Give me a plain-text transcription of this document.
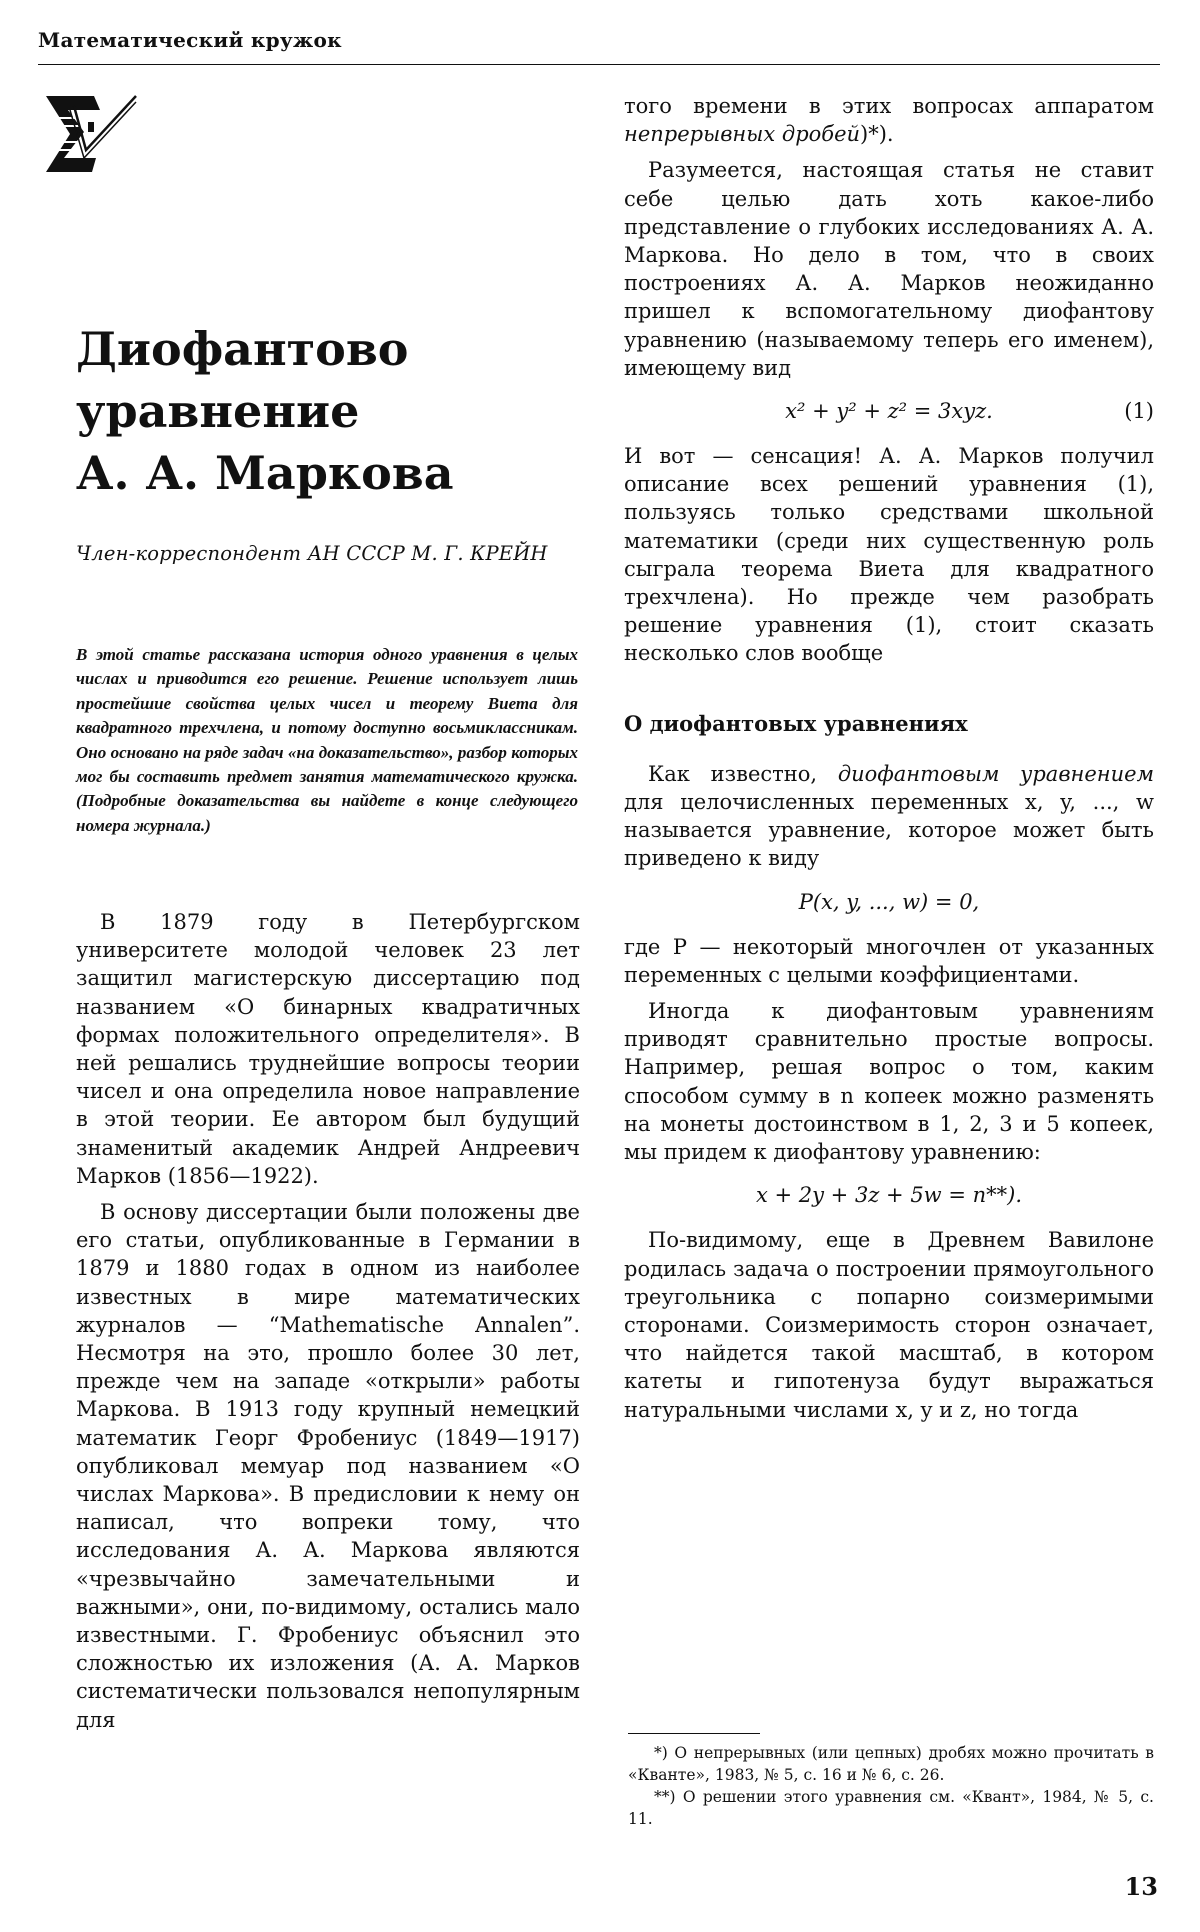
Математический кружок
Диофантово
уравнение
А. А. Маркова
Член-корреспондент АН СССР М. Г. КРЕЙН
В этой статье рассказана история одного уравнения в целых числах и приводится его решение. Решение использует лишь простейшие свойства целых чисел и теорему Виета для квадратного трехчлена, и потому доступно восьмиклассникам. Оно основано на ряде задач «на доказательство», разбор которых мог бы составить предмет занятия математического кружка. (Подробные доказательства вы найдете в конце следующего номера журнала.)

В 1879 году в Петербургском университете молодой человек 23 лет защитил магистерскую диссертацию под названием «О бинарных квадратичных формах положительного определителя». В ней решались труднейшие вопросы теории чисел и она определила новое направление в этой теории. Ее автором был будущий знаменитый академик Андрей Андреевич Марков (1856—1922).

В основу диссертации были положены две его статьи, опубликованные в Германии в 1879 и 1880 годах в одном из наиболее известных в мире математических журналов — “Mathematische Annalen”. Несмотря на это, прошло более 30 лет, прежде чем на западе «открыли» работы Маркова. В 1913 году крупный немецкий математик Георг Фробениус (1849—1917) опубликовал мемуар под названием «О числах Маркова». В предисловии к нему он написал, что вопреки тому, что исследования А. А. Маркова являются «чрезвычайно замечательными и важными», они, по-видимому, остались мало известными. Г. Фробениус объяснил это сложностью их изложения (А. А. Марков систематически пользовался непопулярным для

того времени в этих вопросах аппаратом непрерывных дробей)*).

Разумеется, настоящая статья не ставит себе целью дать хоть какое-либо представление о глубоких исследованиях А. А. Маркова. Но дело в том, что в своих построениях А. А. Марков неожиданно пришел к вспомогательному диофантову уравнению (называемому теперь его именем), имеющему вид

x² + y² + z² = 3xyz.	(1)

И вот — сенсация! А. А. Марков получил описание всех решений уравнения (1), пользуясь только средствами школьной математики (среди них существенную роль сыграла теорема Виета для квадратного трехчлена). Но прежде чем разобрать решение уравнения (1), стоит сказать несколько слов вообще

О диофантовых уравнениях

Как известно, диофантовым уравнением для целочисленных переменных x, y, ..., w называется уравнение, которое может быть приведено к виду

P(x, y, ..., w) = 0,

где P — некоторый многочлен от указанных переменных с целыми коэффициентами.

Иногда к диофантовым уравнениям приводят сравнительно простые вопросы. Например, решая вопрос о том, каким способом сумму в n копеек можно разменять на монеты достоинством в 1, 2, 3 и 5 копеек, мы придем к диофантову уравнению:

x + 2y + 3z + 5w = n**).

По-видимому, еще в Древнем Вавилоне родилась задача о построении прямоугольного треугольника с попарно соизмеримыми сторонами. Соизмеримость сторон означает, что найдется такой масштаб, в котором катеты и гипотенуза будут выражаться натуральными числами x, y и z, но тогда

*) О непрерывных (или цепных) дробях можно прочитать в «Кванте», 1983, № 5, с. 16 и № 6, с. 26.

**) О решении этого уравнения см. «Квант», 1984, № 5, с. 11.

13
